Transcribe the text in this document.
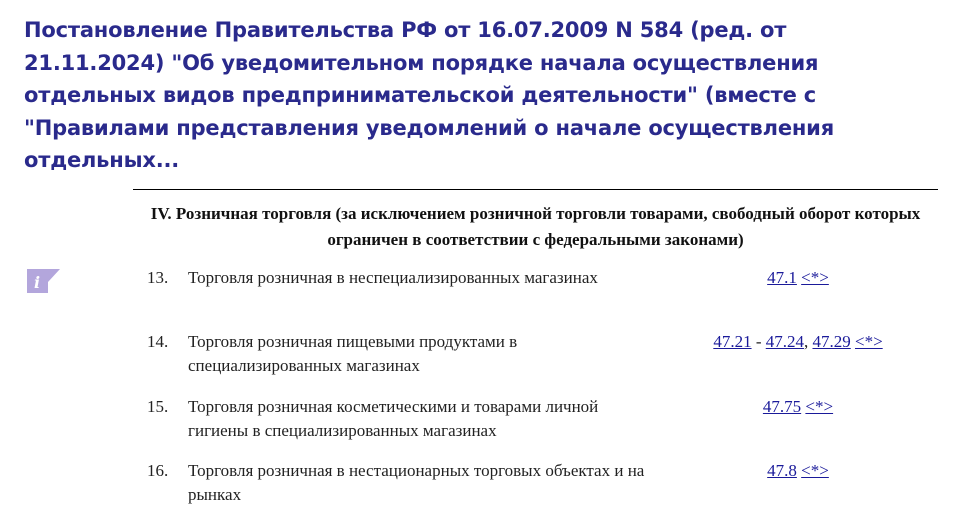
Постановление Правительства РФ от 16.07.2009 N 584 (ред. от 21.11.2024) "Об уведомительном порядке начала осуществления отдельных видов предпринимательской деятельности" (вместе с "Правилами представления уведомлений о начале осуществления отдельных...
IV. Розничная торговля (за исключением розничной торговли товарами, свободный оборот которых ограничен в соответствии с федеральными законами)
i	13. Торговля розничная в неспециализированных магазинах	47.1 <*>
14. Торговля розничная пищевыми продуктами в специализированных магазинах
47.21 - 47.24, 47.29 <*>
15. Торговля розничная косметическими и товарами личной гигиены в специализированных магазинах
47.75 <*>
16. Торговля розничная в нестационарных торговых объектах и на рынках
47.8 <*>
